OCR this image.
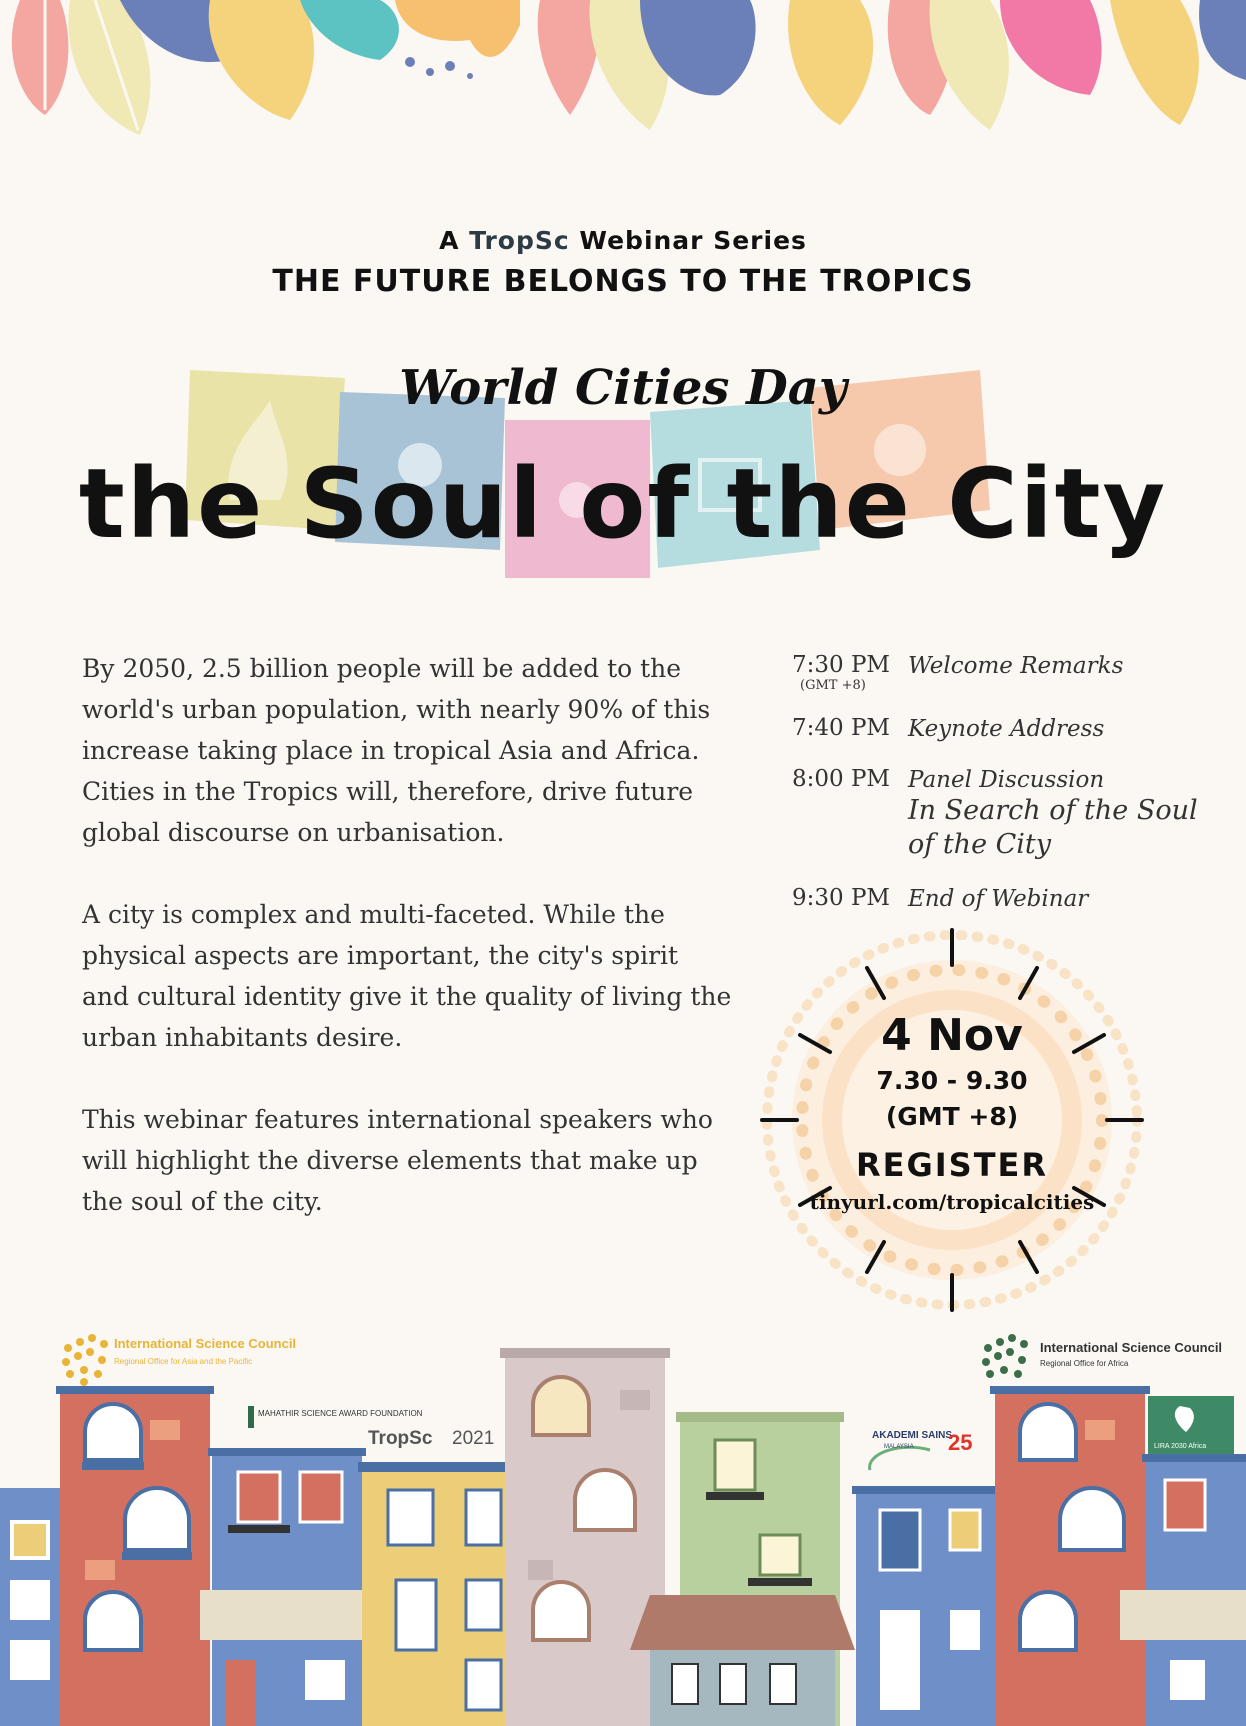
A TropSc Webinar Series
THE FUTURE BELONGS TO THE TROPICS
World Cities Day
the Soul of the City

By 2050, 2.5 billion people will be added to the world's urban population, with nearly 90% of this increase taking place in tropical Asia and Africa. Cities in the Tropics will, therefore, drive future global discourse on urbanisation.

A city is complex and multi-faceted. While the physical aspects are important, the city's spirit and cultural identity give it the quality of living the urban inhabitants desire.

This webinar features international speakers who will highlight the diverse elements that make up the soul of the city.

7:30 PM
(GMT +8)
Welcome Remarks
7:40 PM Keynote Address
8:00 PM Panel Discussion
In Search of the Soul of the City
9:30 PM End of Webinar
4 Nov
7.30 - 9.30
(GMT +8)
REGISTER
tinyurl.com/tropicalcities
International Science Council
Regional Office for Asia and the Pacific
International Science Council
Regional Office for Africa
MAHATHIR SCIENCE AWARD FOUNDATION
TropSc 2021	AKADEMI SAINS
MALAYSIA 25	LIRA 2030 Africa
